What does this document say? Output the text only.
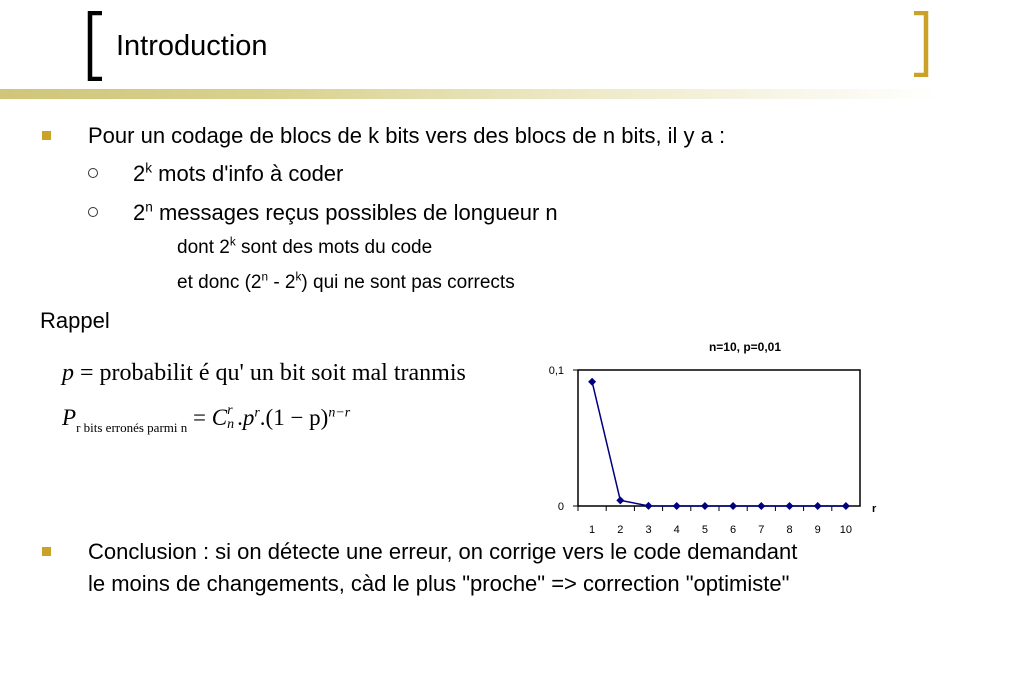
Introduction
Pour un codage de blocs de k bits vers des blocs de n bits, il y a :
2$^k$ mots d'info à coder
2$^n$ messages reçus possibles de longueur n
dont 2$^k$ sont des mots du code
et donc (2$^n$ - 2$^k$) qui ne sont pas corrects
Rappel
p = probabilit é qu' un bit soit mal tranmis
$P_{r bits erronés parmi n} = C$ r
n $.p^r.(1 - p)^{n-r}$
n=10, p=0,01
0
0,1
1 2 3 4 5 6 7 8 9 10
r
Conclusion : si on détecte une erreur, on corrige vers le code demandant
le moins de changements, càd le plus "proche" => correction "optimiste"
